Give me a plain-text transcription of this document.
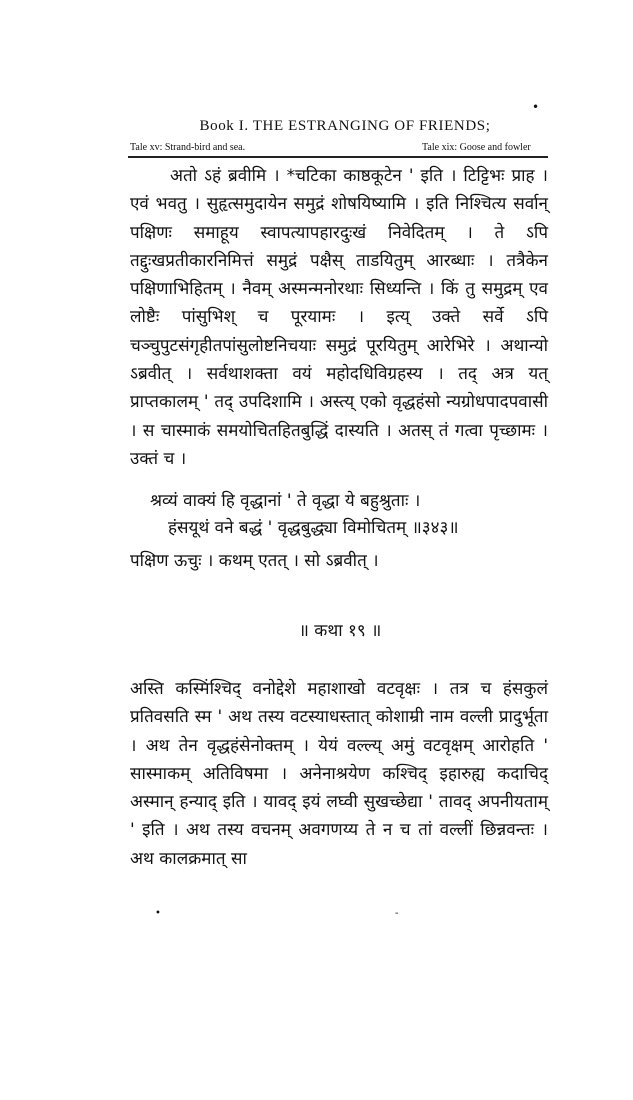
•
Book I. THE ESTRANGING OF FRIENDS;
Tale xv: Strand-bird and sea.	Tale xix: Goose and fowler

अतो ऽहं ब्रवीमि । *चटिका काष्ठकूटेन ' इति । टिट्टिभः प्राह । एवं भवतु । सुहृत्समुदायेन समुद्रं शोषयिष्यामि । इति निश्चित्य सर्वान् पक्षिणः समाहूय स्वापत्यापहारदुःखं निवेदितम् । ते ऽपि तद्दुःखप्रतीकारनिमित्तं समुद्रं पक्षैस् ताडयितुम् आरब्धाः । तत्रैकेन पक्षिणाभिहितम् । नैवम् अस्मन्मनोरथाः सिध्यन्ति । किं तु समुद्रम् एव लोष्टैः पांसुभिश् च पूरयामः । इत्य् उक्ते सर्वे ऽपि चञ्चुपुटसंगृहीतपांसुलोष्टनिचयाः समुद्रं पूरयितुम् आरेभिरे । अथान्यो ऽब्रवीत् । सर्वथाशक्ता वयं महोदधिविग्रहस्य । तद् अत्र यत् प्राप्तकालम् ' तद् उपदिशामि । अस्त्य् एको वृद्धहंसो न्यग्रोधपादपवासी । स चास्माकं समयोचितहितबुद्धिं दास्यति । अतस् तं गत्वा पृच्छामः । उक्तं च ।

श्रव्यं वाक्यं हि वृद्धानां ' ते वृद्धा ये बहुश्रुताः ।

हंसयूथं वने बद्धं ' वृद्धबुद्ध्या विमोचितम् ॥३४३॥

पक्षिण ऊचुः । कथम् एतत् । सो ऽब्रवीत् ।
॥ कथा १९ ॥

अस्ति कस्मिंश्चिद् वनोद्देशे महाशाखो वटवृक्षः । तत्र च हंसकुलं प्रतिवसति स्म ' अथ तस्य वटस्याधस्तात् कोशाम्री नाम वल्ली प्रादुर्भूता । अथ तेन वृद्धहंसेनोक्तम् । येयं वल्ल्य् अमुं वटवृक्षम् आरोहति ' सास्माकम् अतिविषमा । अनेनाश्रयेण कश्चिद् इहारुह्य कदाचिद् अस्मान् हन्याद् इति । यावद् इयं लघ्वी सुखच्छेद्या ' तावद् अपनीयताम् ' इति । अथ तस्य वचनम् अवगणय्य ते न च तां वल्लीं छिन्नवन्तः । अथ कालक्रमात् सा

•	-
